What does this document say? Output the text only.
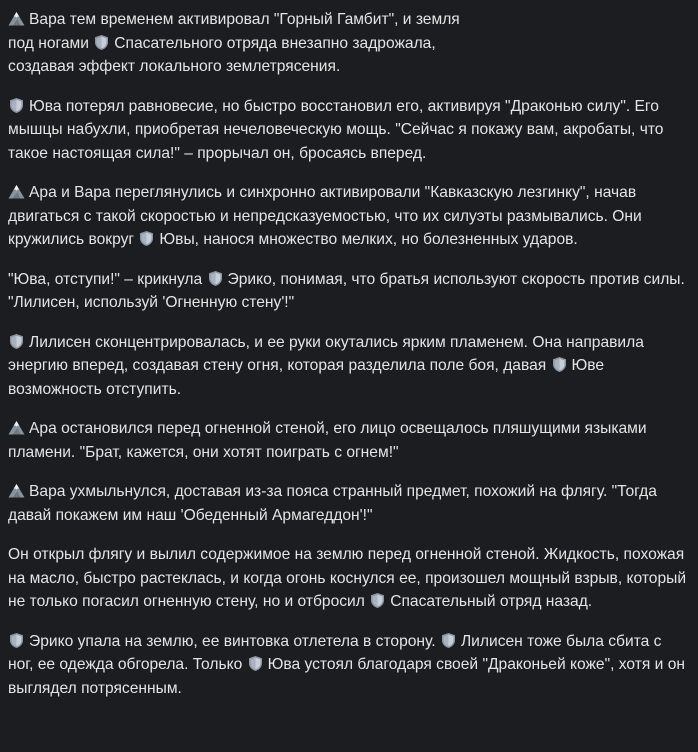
Вара тем временем активировал "Горный Гамбит", и земля под ногами
Спасательного отряда внезапно задрожала, создавая эффект локального землетрясения.

Юва потерял равновесие, но быстро восстановил его, активируя "Драконью силу". Его мышцы набухли, приобретая нечеловеческую мощь. "Сейчас я покажу вам, акробаты, что такое настоящая сила!" – прорычал он, бросаясь вперед.

Ара и Вара переглянулись и синхронно активировали "Кавказскую лезгинку", начав двигаться с такой скоростью и непредсказуемостью, что их силуэты размывались. Они кружились вокруг
Ювы, нанося множество мелких, но болезненных ударов.

"Юва, отступи!" – крикнула
Эрико, понимая, что братья используют скорость против силы. "Лилисен, используй 'Огненную стену'!"

Лилисен сконцентрировалась, и ее руки окутались ярким пламенем. Она направила энергию вперед, создавая стену огня, которая разделила поле боя, давая
Юве возможность отступить.

Ара остановился перед огненной стеной, его лицо освещалось пляшущими языками пламени. "Брат, кажется, они хотят поиграть с огнем!"

Вара ухмыльнулся, доставая из-за пояса странный предмет, похожий на флягу. "Тогда давай покажем им наш 'Обеденный Армагеддон'!"

Он открыл флягу и вылил содержимое на землю перед огненной стеной. Жидкость, похожая на масло, быстро растеклась, и когда огонь коснулся ее, произошел мощный взрыв, который не только погасил огненную стену, но и отбросил
Спасательный отряд назад.

Эрико упала на землю, ее винтовка отлетела в сторону.
Лилисен тоже была сбита с ног, ее одежда обгорела. Только
Юва устоял благодаря своей "Драконьей коже", хотя и он выглядел потрясенным.
